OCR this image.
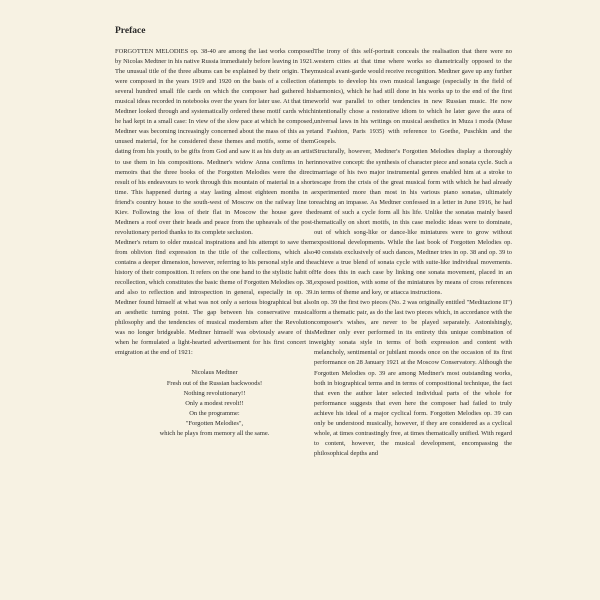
Preface

FORGOTTEN MELODIES op. 38-40 are among the last works composed by Nicolas Medtner in his native Russia immediately before leaving in 1921. The unusual title of the three albums can be explained by their origin. They were composed in the years 1919 and 1920 on the basis of a collection of several hundred small file cards on which the composer had gathered his musical ideas recorded in notebooks over the years for later use. At that time Medtner looked through and systematically ordered these motif cards which he had kept in a small case: In view of the slow pace at which he composed, Medtner was becoming increasingly concerned about the mass of this as yet unused material, for he considered these themes and motifs, some of them dating from his youth, to be gifts from God and saw it as his duty as an artist to use them in his compositions. Medtner's widow Anna confirms in her memoirs that the three books of the Forgotten Melodies were the direct result of his endeavours to work through this mountain of material in a short time. This happened during a stay lasting almost eighteen months in a friend's country house to the south-west of Moscow on the railway line to Kiev. Following the loss of their flat in Moscow the house gave the Medtners a roof over their heads and peace from the upheavals of the post-revolutionary period thanks to its complete seclusion.

Medtner's return to older musical inspirations and his attempt to save them from oblivion find expression in the title of the collections, which also contains a deeper dimension, however, referring to his personal style and the history of their composition. It refers on the one hand to the stylistic habit of recollection, which constitutes the basic theme of Forgotten Melodies op. 38, and also to reflection and introspection in general, especially in op. 39. Medtner found himself at what was not only a serious biographical but also an aesthetic turning point. The gap between his conservative musical philosophy and the tendencies of musical modernism after the Revolution was no longer bridgeable. Medtner himself was obviously aware of this when he formulated a light-hearted advertisement for his first concert in emigration at the end of 1921:

Nicolaus Medtner
Fresh out of the Russian backwoods!
Nothing revolutionary!!
Only a modest revolt!!
On the programme:
"Forgotten Melodies",
which he plays from memory all the same.

The irony of this self-portrait conceals the realisation that there were no western cities at that time where works so diametrically opposed to the musical avant-garde would receive recognition. Medtner gave up any further attempts to develop his own musical language (especially in the field of harmonics), which he had still done in his works up to the end of the first world war parallel to other tendencies in new Russian music. He now intentionally chose a restorative idiom to which he later gave the aura of universal laws in his writings on musical aesthetics in Muza i moda (Muse and Fashion, Paris 1935) with reference to Goethe, Puschkin and the Gospels.

Structurally, however, Medtner's Forgotten Melodies display a thoroughly innovative concept: the synthesis of character piece and sonata cycle. Such a marriage of his two major instrumental genres enabled him at a stroke to escape from the crisis of the great musical form with which he had already experimented more than most in his various piano sonatas, ultimately reaching an impasse. As Medtner confessed in a letter in June 1916, he had dreamt of such a cycle form all his life. Unlike the sonatas mainly based thematically on short motifs, in this case melodic ideas were to dominate, out of which song-like or dance-like miniatures were to grow without expositional developments. While the last book of Forgotten Melodies op. 40 consists exclusively of such dances, Medtner tries in op. 38 and op. 39 to achieve a true blend of sonata cycle with suite-like individual movements. He does this in each case by linking one sonata movement, placed in an exposed position, with some of the miniatures by means of cross references in terms of theme and key, or attacca instructions.

In op. 39 the first two pieces (No. 2 was originally entitled "Meditazione II") form a thematic pair, as do the last two pieces which, in accordance with the composer's wishes, are never to be played separately. Astonishingly, Medtner only ever performed in its entirety this unique combination of weighty sonata style in terms of both expression and content with melancholy, sentimental or jubilant moods once on the occasion of its first performance on 28 January 1921 at the Moscow Conservatory. Although the Forgotten Melodies op. 39 are among Medtner's most outstanding works, both in biographical terms and in terms of compositional technique, the fact that even the author later selected individual parts of the whole for performance suggests that even here the composer had failed to truly achieve his ideal of a major cyclical form. Forgotten Melodies op. 39 can only be understood musically, however, if they are considered as a cyclical whole, at times contrastingly free, at times thematically unified. With regard to content, however, the musical development, encompassing the philosophical depths and
